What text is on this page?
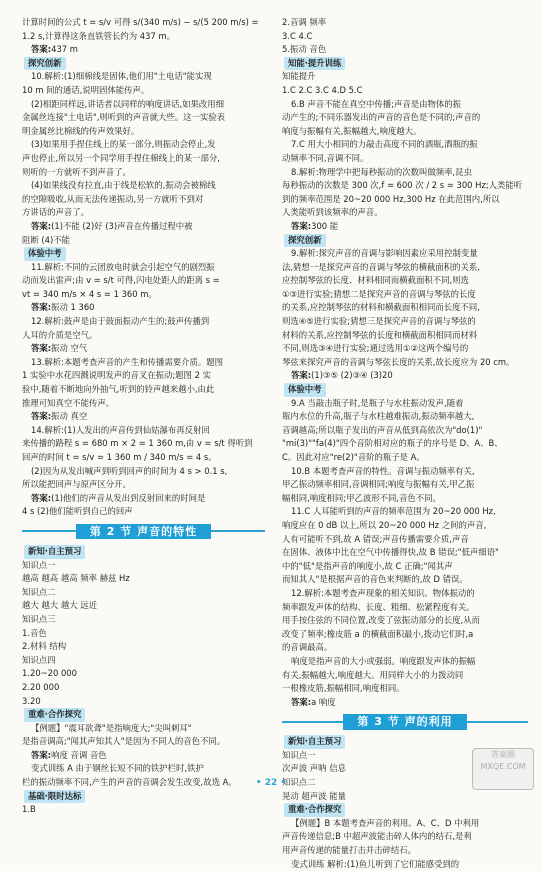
计算时间的公式 t = s/v 可得 s/(340 m/s) − s/(5 200 m/s) =
1.2 s,计算得这条直铁管长约为 437 m。
答案:437 m
探究创新
10.解析:(1)细棉线是固体,他们用"土电话"能实现
10 m 间的通话,说明固体能传声。
(2)相距同样远,讲话者以同样的响度讲话,如果改用细
金属丝连接"土电话",则听到的声音就大些。这一实验表
明金属丝比棉线的传声效果好。
(3)如果用手捏住线上的某一部分,则振动会停止,发
声也停止,所以另一个同学用手捏住棉线上的某一部分,
则听的一方就听不到声音了。
(4)如果线没有拉直,由于线是松软的,振动会被棉线
的空隙吸收,从而无法传递振动,另一方就听不到对
方讲话的声音了。
答案:(1)不能 (2)好 (3)声音在传播过程中被
阻断 (4)不能
体验中考
11.解析:不同的云团放电时就会引起空气的剧烈振
动而发出雷声;由 v = s/t 可得,闪电处距人的距离 s =
vt = 340 m/s × 4 s = 1 360 m。
答案:振动 1 360
12.解析:鼓声是由于鼓面振动产生的;鼓声传播到
人耳的介质是空气。
答案:振动 空气
13.解析:本题考查声音的产生和传播需要介质。题图
1 实验中水花四溅说明发声的音叉在振动;题图 2 实
验中,随着不断地向外抽气,听到的铃声越来越小,由此
推理可知真空不能传声。
答案:振动 真空
14.解析:(1)人发出的声音传到仙姑瀑布再反射回
来传播的路程 s = 680 m × 2 = 1 360 m,由 v = s/t 得听到
回声的时间 t = s/v = 1 360 m / 340 m/s = 4 s。
(2)因为从发出喊声到听到回声的时间为 4 s > 0.1 s,
所以能把回声与原声区分开。
答案:(1)他们的声音从发出到反射回来的时间是
4 s (2)他们能听到自己的回声
第 2 节 声音的特性
新知·自主预习
知识点一
越高 越高 越高 频率 赫兹 Hz
知识点二
越大 越大 越大 远近
知识点三
1.音色
2.材料 结构
知识点四
1.20~20 000
2.20 000
3.20
重难·合作探究
【例题】"震耳欲聋"是指响度大;"尖叫刺耳"
是指音调高;"闻其声知其人"是因为不同人的音色不同。
答案:响度 音调 音色
变式训练 A 由于钢丝长短不同的铁护栏时,铁护
栏的振动频率不同,产生的声音的音调会发生改变,故选 A。
基础·限时达标
1.B
2.音调 频率
3.C 4.C
5.振动 音色
知能·提升训练
知能提升
1.C 2.C 3.C 4.D 5.C
6.B 声音不能在真空中传播;声音是由物体的振
动产生的;不同乐器发出的声音的音色是不同的;声音的
响度与振幅有关,振幅越大,响度越大。
7.C 用大小相同的力敲击高度不同的酒瓶,酒瓶的振
动频率不同,音调不同。
8.解析:物理学中把每秒振动的次数叫做频率,昆虫
每秒振动的次数是 300 次,f = 600 次 / 2 s = 300 Hz;人类能听
到的频率范围是 20~20 000 Hz,300 Hz 在此范围内,所以
人类能听到该频率的声音。
答案:300 能
探究创新
9.解析:探究声音的音调与影响因素应采用控制变量
法,猜想一是探究声音的音调与琴弦的横截面积的关系,
应控制琴弦的长度、材料相同而横截面积不同,则选
①③进行实验;猜想二是探究声音的音调与琴弦的长度
的关系,应控制琴弦的材料和横截面积相同而长度不同,
则选④⑤进行实验;猜想三是探究声音的音调与琴弦的
材料的关系,应控制琴弦的长度和横截面积相同而材料
不同,则选③④进行实验;通过选用①②这两个编号的
琴弦来探究声音的音调与琴弦长度的关系,故长度应为 20 cm。
答案:(1)③⑤ (2)③④ (3)20
体验中考
9.A 当敲击瓶子时,是瓶子与水柱振动发声,随着
瓶内水位的升高,瓶子与水柱越难振动,振动频率越大,
音调越高;所以瓶子发出的声音从低到高依次为"do(1)"
"mi(3)""fa(4)"四个音阶相对应的瓶子的序号是 D、A、B、
C。因此对应"re(2)"音阶的瓶子是 A。
10.B 本题考查声音的特性。音调与振动频率有关,
甲乙振动频率相同,音调相同;响度与振幅有关,甲乙振
幅相同,响度相同;甲乙波形不同,音色不同。
11.C 人耳能听到的声音的频率范围为 20~20 000 Hz,
响度应在 0 dB 以上,所以 20~20 000 Hz 之间的声音,
人有可能听不到,故 A 错误;声音传播需要介质,声音
在固体、液体中比在空气中传播得快,故 B 错误;"低声细语"
中的"低"是指声音的响度小,故 C 正确;"闻其声
而知其人"是根据声音的音色来判断的,故 D 错误。
12.解析:本题考查声现象的相关知识。物体振动的
频率跟发声体的结构、长度、粗细、松紧程度有关。
用手按住弦的不同位置,改变了弦振动部分的长度,从而
改变了频率;橡皮筋 a 的横截面积最小,拨动它们时,a
的音调最高。
响度是指声音的大小或强弱。响度跟发声体的振幅
有关,振幅越大,响度越大。用同样大小的力拨动同
一根橡皮筋,振幅相同,响度相同。
答案:a 响度
第 3 节 声的利用
新知·自主预习
知识点一
次声波 声呐 信息
知识点二
晃动 超声波 能量
重难·合作探究
【例题】B 本题考查声音的利用。A、C、D 中利用
声音传递信息;B 中超声波能击碎人体内的结石,是利
用声音传递的能量打击并击碎结石。
变式训练 解析:(1)鱼儿听到了它们能感受到的
• 22 •
答案圈 MXQE.COM
